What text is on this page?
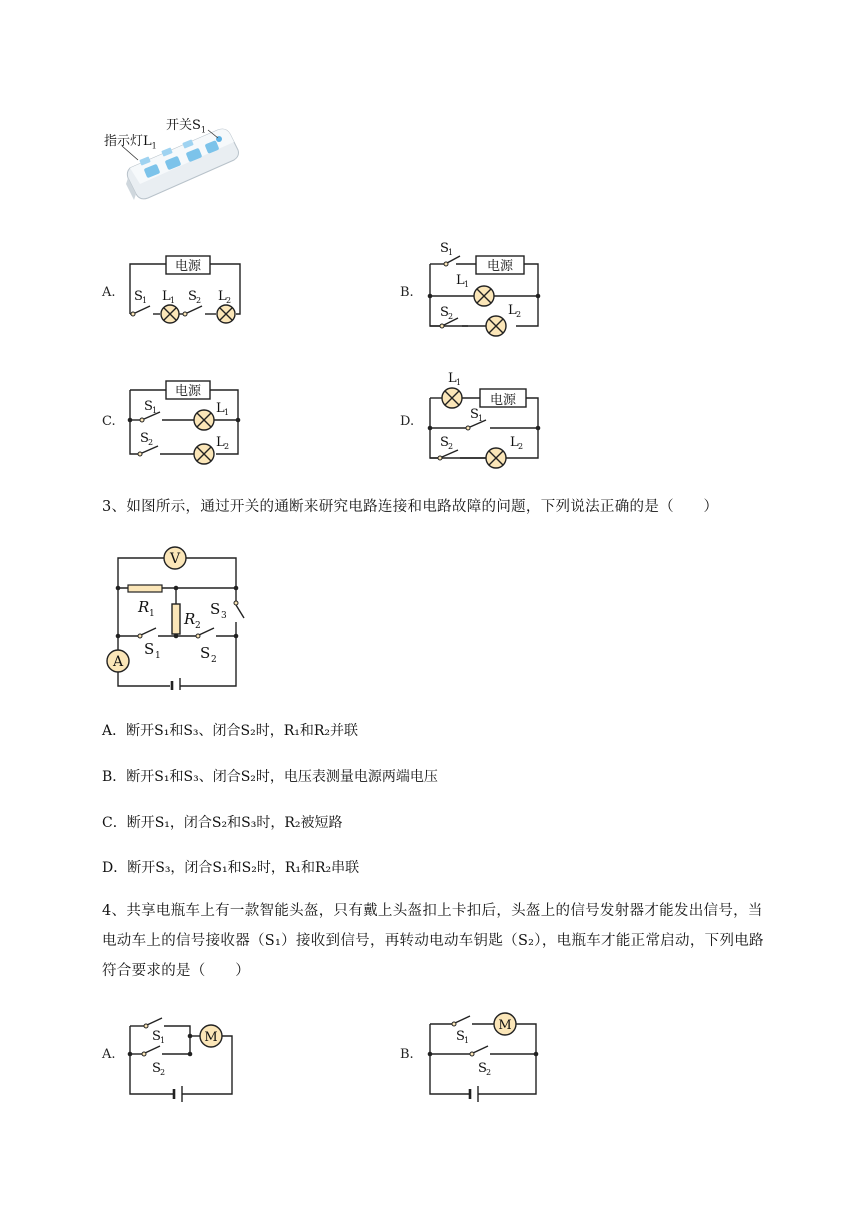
开关$S_1$
指示灯$L_1$
A.	B.
C.	D.
电源
S 1 L 1 S 2 L 2
电源
S 1
L 1
S 2	L 2
电源
S 1	L 1
S 2	L 2
电源
L 1
S 1
S 2	L 2
3、如图所示，通过开关的通断来研究电路连接和电路故障的问题，下列说法正确的是（　　）
V
A
R 1 R 2
S 3
S 1	S 2
A．断开S₁和S₃、闭合S₂时，R₁和R₂并联
B．断开S₁和S₃、闭合S₂时，电压表测量电源两端电压
C．断开S₁，闭合S₂和S₃时，R₂被短路
D．断开S₃，闭合S₁和S₂时，R₁和R₂串联
4、共享电瓶车上有一款智能头盔，只有戴上头盔扣上卡扣后，头盔上的信号发射器才能发出信号，当
电动车上的信号接收器（S₁）接收到信号，再转动电动车钥匙（S₂），电瓶车才能正常启动，下列电路
符合要求的是（　　）
A.	B.
M
S 1
S 2
M
S 1
S 2
